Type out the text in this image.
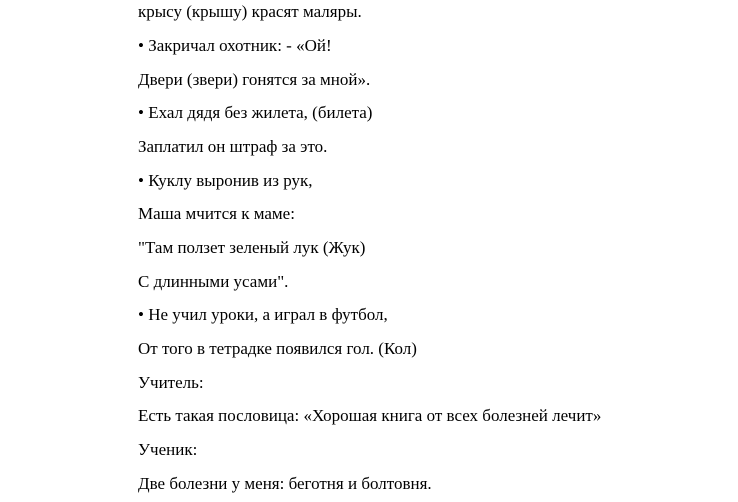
крысу (крышу) красят маляры.
• Закричал охотник: - «Ой!
Двери (звери) гонятся за мной».
• Ехал дядя без жилета, (билета)
Заплатил он штраф за это.
• Куклу выронив из рук,
Маша мчится к маме:
"Там ползет зеленый лук (Жук)
С длинными усами".
• Не учил уроки, а играл в футбол,
От того в тетрадке появился гол. (Кол)
Учитель:
Есть такая пословица: «Хорошая книга от всех болезней лечит»
Ученик:
Две болезни у меня: беготня и болтовня.
